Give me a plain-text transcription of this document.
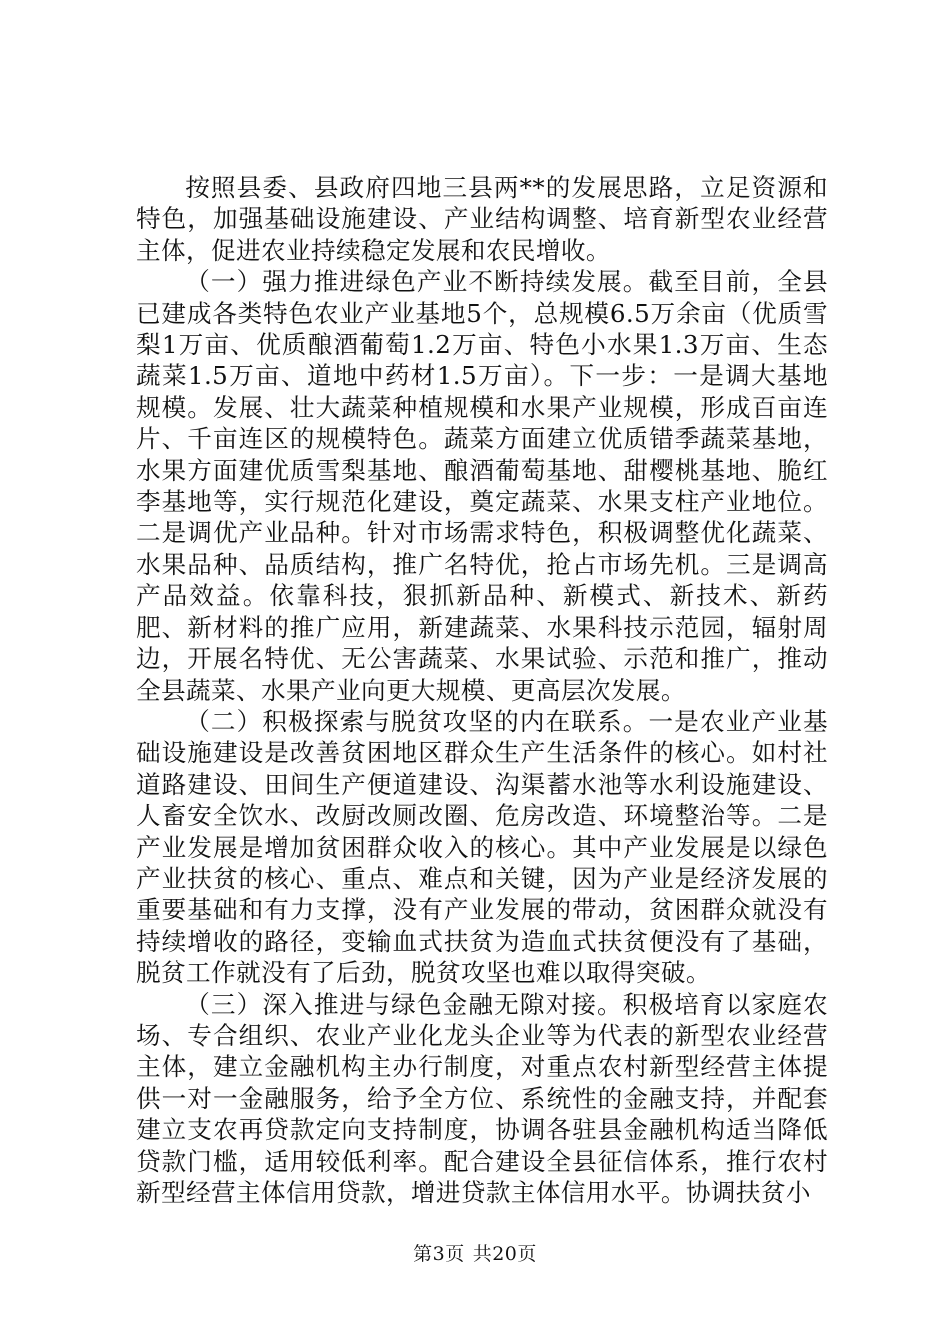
按照县委、县政府四地三县两**的发展思路，立足资源和特色，加强基础设施建设、产业结构调整、培育新型农业经营主体，促进农业持续稳定发展和农民增收。

（一）强力推进绿色产业不断持续发展。截至目前，全县已建成各类特色农业产业基地5个，总规模6.5万余亩（优质雪梨1万亩、优质酿酒葡萄1.2万亩、特色小水果1.3万亩、生态蔬菜1.5万亩、道地中药材1.5万亩）。下一步：一是调大基地规模。发展、壮大蔬菜种植规模和水果产业规模，形成百亩连片、千亩连区的规模特色。蔬菜方面建立优质错季蔬菜基地，水果方面建优质雪梨基地、酿酒葡萄基地、甜樱桃基地、脆红李基地等，实行规范化建设，奠定蔬菜、水果支柱产业地位。二是调优产业品种。针对市场需求特色，积极调整优化蔬菜、水果品种、品质结构，推广名特优，抢占市场先机。三是调高产品效益。依靠科技，狠抓新品种、新模式、新技术、新药肥、新材料的推广应用，新建蔬菜、水果科技示范园，辐射周边，开展名特优、无公害蔬菜、水果试验、示范和推广，推动全县蔬菜、水果产业向更大规模、更高层次发展。

（二）积极探索与脱贫攻坚的内在联系。一是农业产业基础设施建设是改善贫困地区群众生产生活条件的核心。如村社道路建设、田间生产便道建设、沟渠蓄水池等水利设施建设、人畜安全饮水、改厨改厕改圈、危房改造、环境整治等。二是产业发展是增加贫困群众收入的核心。其中产业发展是以绿色产业扶贫的核心、重点、难点和关键，因为产业是经济发展的重要基础和有力支撑，没有产业发展的带动，贫困群众就没有持续增收的路径，变输血式扶贫为造血式扶贫便没有了基础，脱贫工作就没有了后劲，脱贫攻坚也难以取得突破。

（三）深入推进与绿色金融无隙对接。积极培育以家庭农场、专合组织、农业产业化龙头企业等为代表的新型农业经营主体，建立金融机构主办行制度，对重点农村新型经营主体提供一对一金融服务，给予全方位、系统性的金融支持，并配套建立支农再贷款定向支持制度，协调各驻县金融机构适当降低贷款门槛，适用较低利率。配合建设全县征信体系，推行农村新型经营主体信用贷款，增进贷款主体信用水平。协调扶贫小

第3页 共20页
